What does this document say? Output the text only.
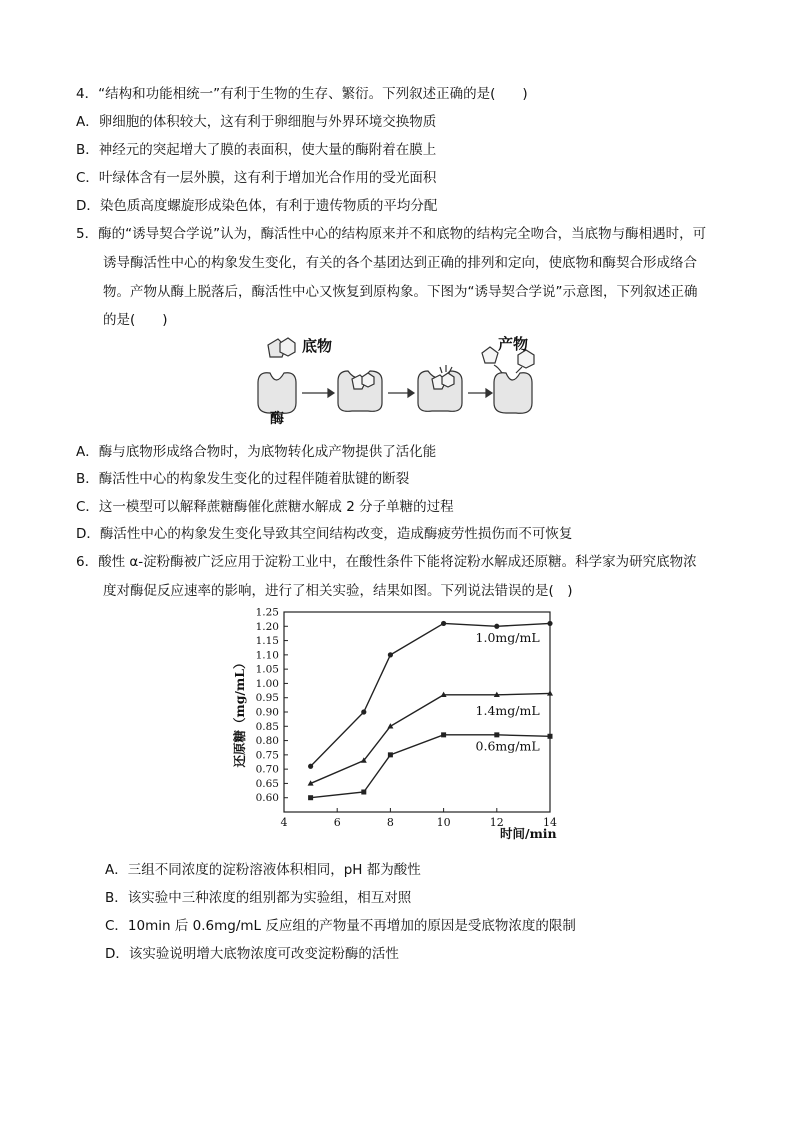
4．“结构和功能相统一”有利于生物的生存、繁衍。下列叙述正确的是(　　)
A．卵细胞的体积较大，这有利于卵细胞与外界环境交换物质
B．神经元的突起增大了膜的表面积，使大量的酶附着在膜上
C．叶绿体含有一层外膜，这有利于增加光合作用的受光面积
D．染色质高度螺旋形成染色体，有利于遗传物质的平均分配
5．酶的“诱导契合学说”认为，酶活性中心的结构原来并不和底物的结构完全吻合，当底物与酶相遇时，可
诱导酶活性中心的构象发生变化，有关的各个基团达到正确的排列和定向，使底物和酶契合形成络合
物。产物从酶上脱落后，酶活性中心又恢复到原构象。下图为“诱导契合学说”示意图，下列叙述正确
的是(　　)
底物	产物
酶
A．酶与底物形成络合物时，为底物转化成产物提供了活化能
B．酶活性中心的构象发生变化的过程伴随着肽键的断裂
C．这一模型可以解释蔗糖酶催化蔗糖水解成 2 分子单糖的过程
D．酶活性中心的构象发生变化导致其空间结构改变，造成酶疲劳性损伤而不可恢复
6．酸性 α-淀粉酶被广泛应用于淀粉工业中，在酸性条件下能将淀粉水解成还原糖。科学家为研究底物浓
度对酶促反应速率的影响，进行了相关实验，结果如图。下列说法错误的是(　)
0.60
0.65
0.70
0.75
0.80
0.85
0.90
0.95
1.00
1.05
1.10
1.15
1.20
1.25
4	6	8	10	12	14
时间/min
还原糖（mg/mL）
1.0mg/mL
1.4mg/mL
0.6mg/mL
A．三组不同浓度的淀粉溶液体积相同，pH 都为酸性
B．该实验中三种浓度的组别都为实验组，相互对照
C．10min 后 0.6mg/mL 反应组的产物量不再增加的原因是受底物浓度的限制
D．该实验说明增大底物浓度可改变淀粉酶的活性
